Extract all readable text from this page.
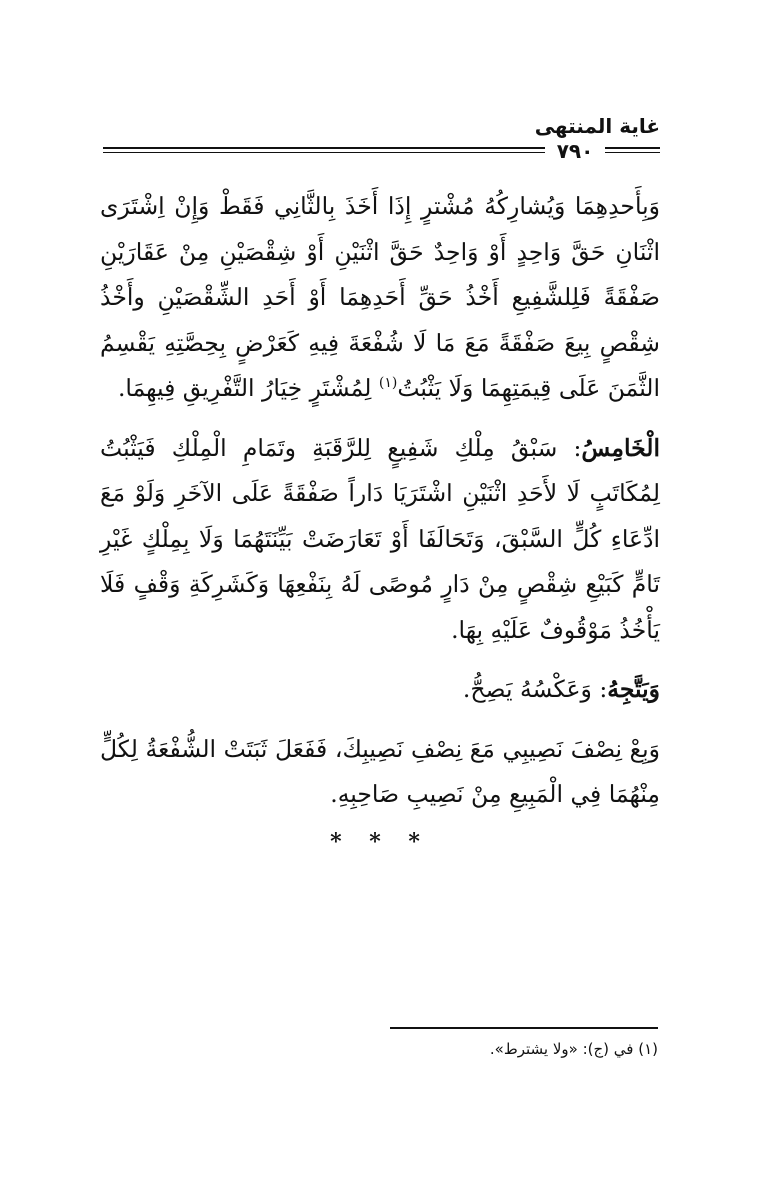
غاية المنتهى
٧٩٠

وَبِأَحدِهِمَا وَيُشارِكُهُ مُشْترٍ إِذَا أَخَذَ بِالثَّانِي فَقَطْ وَإِنْ اِشْتَرَى اثْنَانِ حَقَّ وَاحِدٍ أَوْ وَاحِدٌ حَقَّ اثْنَيْنِ أَوْ شِقْصَيْنِ مِنْ عَقَارَيْنِ صَفْقَةً فَلِلشَّفِيعِ أَخْذُ حَقِّ أَحَدِهِمَا أَوْ أَحَدِ الشِّقْصَيْنِ وأَخْذُ شِقْصٍ بِيعَ صَفْقَةً مَعَ مَا لَا شُفْعَةَ فِيهِ كَعَرْضٍ بِحِصَّتِهِ يَقْسِمُ الثَّمَنَ عَلَى قِيمَتِهِمَا وَلَا يَثْبُتُ$^{(١)}$ لِمُشْتَرٍ خِيَارُ التَّفْرِيقِ فِيهِمَا.

الْخَامِسُ: سَبْقُ مِلْكِ شَفِيعٍ لِلرَّقَبَةِ وتَمَامِ الْمِلْكِ فَيَثْبُتُ لِمُكَاتَبٍ لَا لأَحَدِ اثْنَيْنِ اشْتَرَيَا دَاراً صَفْقَةً عَلَى الآخَرِ وَلَوْ مَعَ ادِّعَاءِ كُلٍّ السَّبْقَ، وَتَحَالَفَا أَوْ تَعَارَضَتْ بَيِّنَتَهُمَا وَلَا بِمِلْكٍ غَيْرِ تَامٍّ كَبَيْعِ شِقْصٍ مِنْ دَارٍ مُوصًى لَهُ بِنَفْعِهَا وَكَشَرِكَةِ وَقْفٍ فَلَا يَأْخُذُ مَوْقُوفٌ عَلَيْهِ بِهَا.

وَيَتَّجِهُ: وَعَكْسُهُ يَصِحُّ.

وَبِعْ نِصْفَ نَصِيبِي مَعَ نِصْفِ نَصِيبِكَ، فَفَعَلَ ثَبَتَتْ الشُّفْعَةُ لِكُلٍّ مِنْهُمَا فِي الْمَبِيعِ مِنْ نَصِيبِ صَاحِبِهِ.

* * *
(١) في (ج): «ولا يشترط».
